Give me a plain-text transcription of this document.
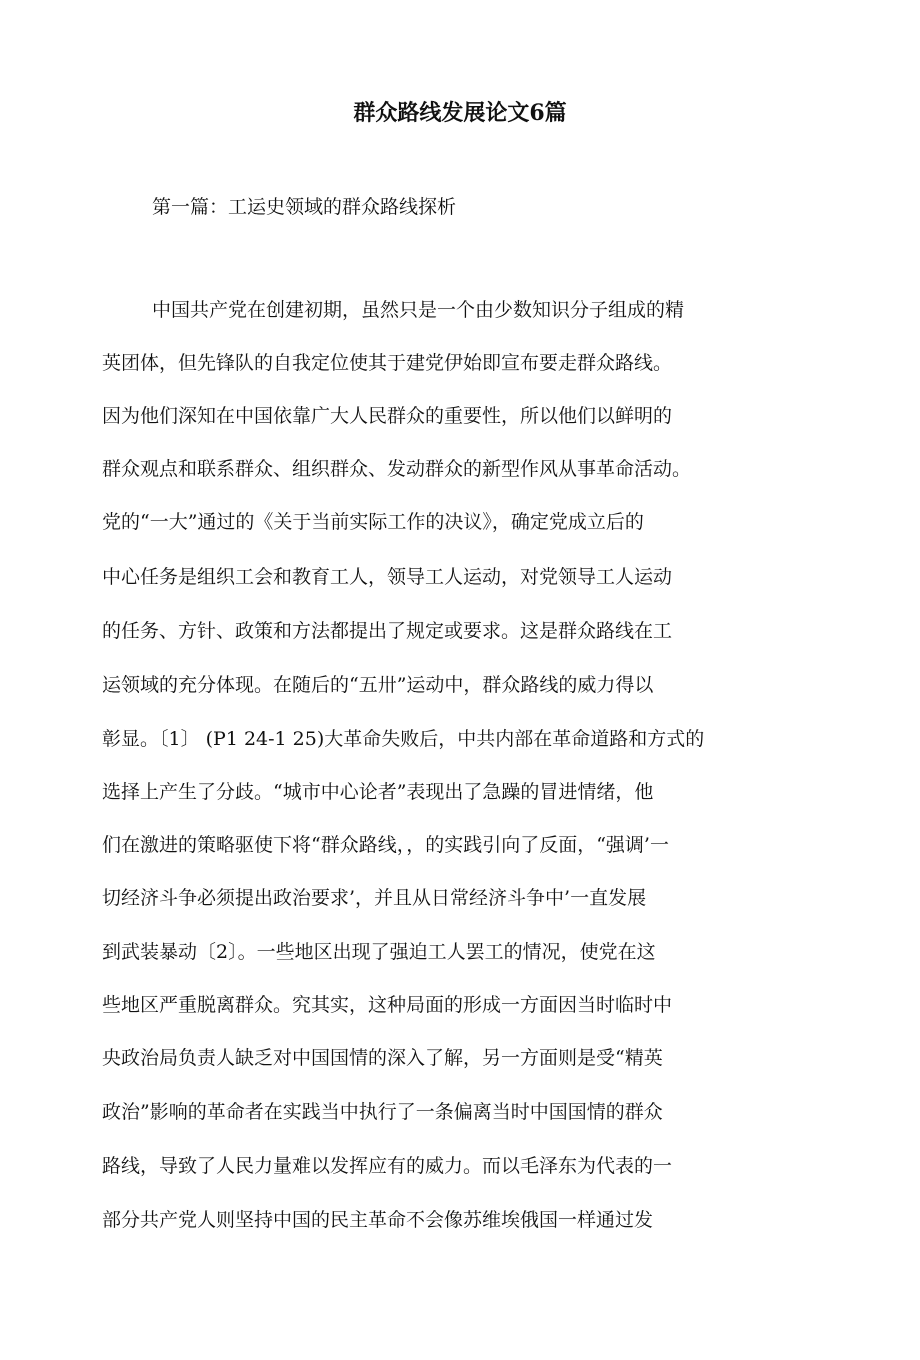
群众路线发展论文6篇
第一篇：工运史领域的群众路线探析
中国共产党在创建初期，虽然只是一个由少数知识分子组成的精
英团体，但先锋队的自我定位使其于建党伊始即宣布要走群众路线。
因为他们深知在中国依靠广大人民群众的重要性，所以他们以鲜明的
群众观点和联系群众、组织群众、发动群众的新型作风从事革命活动。
党的“一大”通过的《关于当前实际工作的决议》，确定党成立后的
中心任务是组织工会和教育工人，领导工人运动，对党领导工人运动
的任务、方针、政策和方法都提出了规定或要求。这是群众路线在工
运领域的充分体现。在随后的“五卅”运动中，群众路线的威力得以
彰显。〔1〕 (P1 24-1 25)大革命失败后，中共内部在革命道路和方式的
选择上产生了分歧。“城市中心论者”表现出了急躁的冒进情绪，他
们在激进的策略驱使下将“群众路线，，的实践引向了反面，“强调’一
切经济斗争必须提出政治要求’，并且从日常经济斗争中’一直发展
到武装暴动〔2〕。一些地区出现了强迫工人罢工的情况，使党在这
些地区严重脱离群众。究其实，这种局面的形成一方面因当时临时中
央政治局负责人缺乏对中国国情的深入了解，另一方面则是受“精英
政治”影响的革命者在实践当中执行了一条偏离当时中国国情的群众
路线，导致了人民力量难以发挥应有的威力。而以毛泽东为代表的一
部分共产党人则坚持中国的民主革命不会像苏维埃俄国一样通过发
